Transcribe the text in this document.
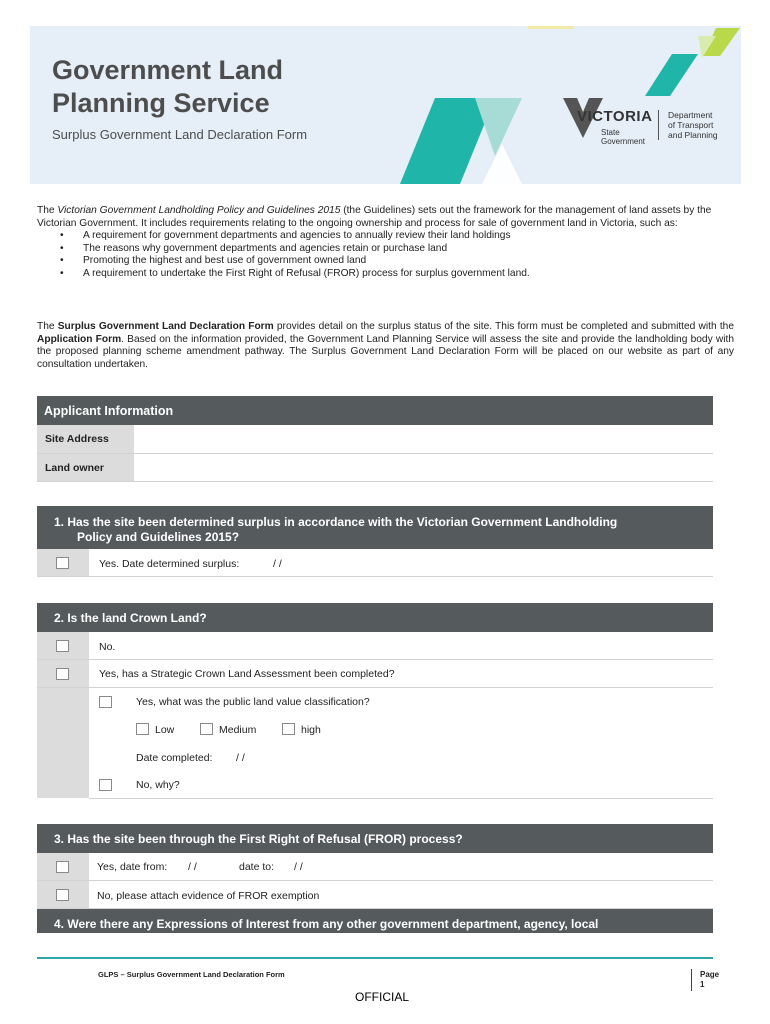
Government Land
Planning Service
Surplus Government Land Declaration Form
VICTORIA
State
Government
Department
of Transport
and Planning
The Victorian Government Landholding Policy and Guidelines 2015 (the Guidelines) sets out the framework for the management of land assets by the Victorian Government. It includes requirements relating to the ongoing ownership and process for sale of government land in Victoria, such as:
• A requirement for government departments and agencies to annually review their land holdings
• The reasons why government departments and agencies retain or purchase land
• Promoting the highest and best use of government owned land
• A requirement to undertake the First Right of Refusal (FROR) process for surplus government land.
The Surplus Government Land Declaration Form provides detail on the surplus status of the site. This form must be completed and submitted with the Application Form. Based on the information provided, the Government Land Planning Service will assess the site and provide the landholding body with the proposed planning scheme amendment pathway. The Surplus Government Land Declaration Form will be placed on our website as part of any consultation undertaken.
Applicant Information
Site Address
Land owner
1. Has the site been determined surplus in accordance with the Victorian Government Landholding
Policy and Guidelines 2015?
Yes. Date determined surplus:	/ /
2. Is the land Crown Land?
No.
Yes, has a Strategic Crown Land Assessment been completed?
Yes, what was the public land value classification?
Low	Medium	high
Date completed: / /
No, why?
3. Has the site been through the First Right of Refusal (FROR) process?
Yes, date from: / /	date to: / /
No, please attach evidence of FROR exemption
4. Were there any Expressions of Interest from any other government department, agency, local
GLPS – Surplus Government Land Declaration Form	Page
1
OFFICIAL
